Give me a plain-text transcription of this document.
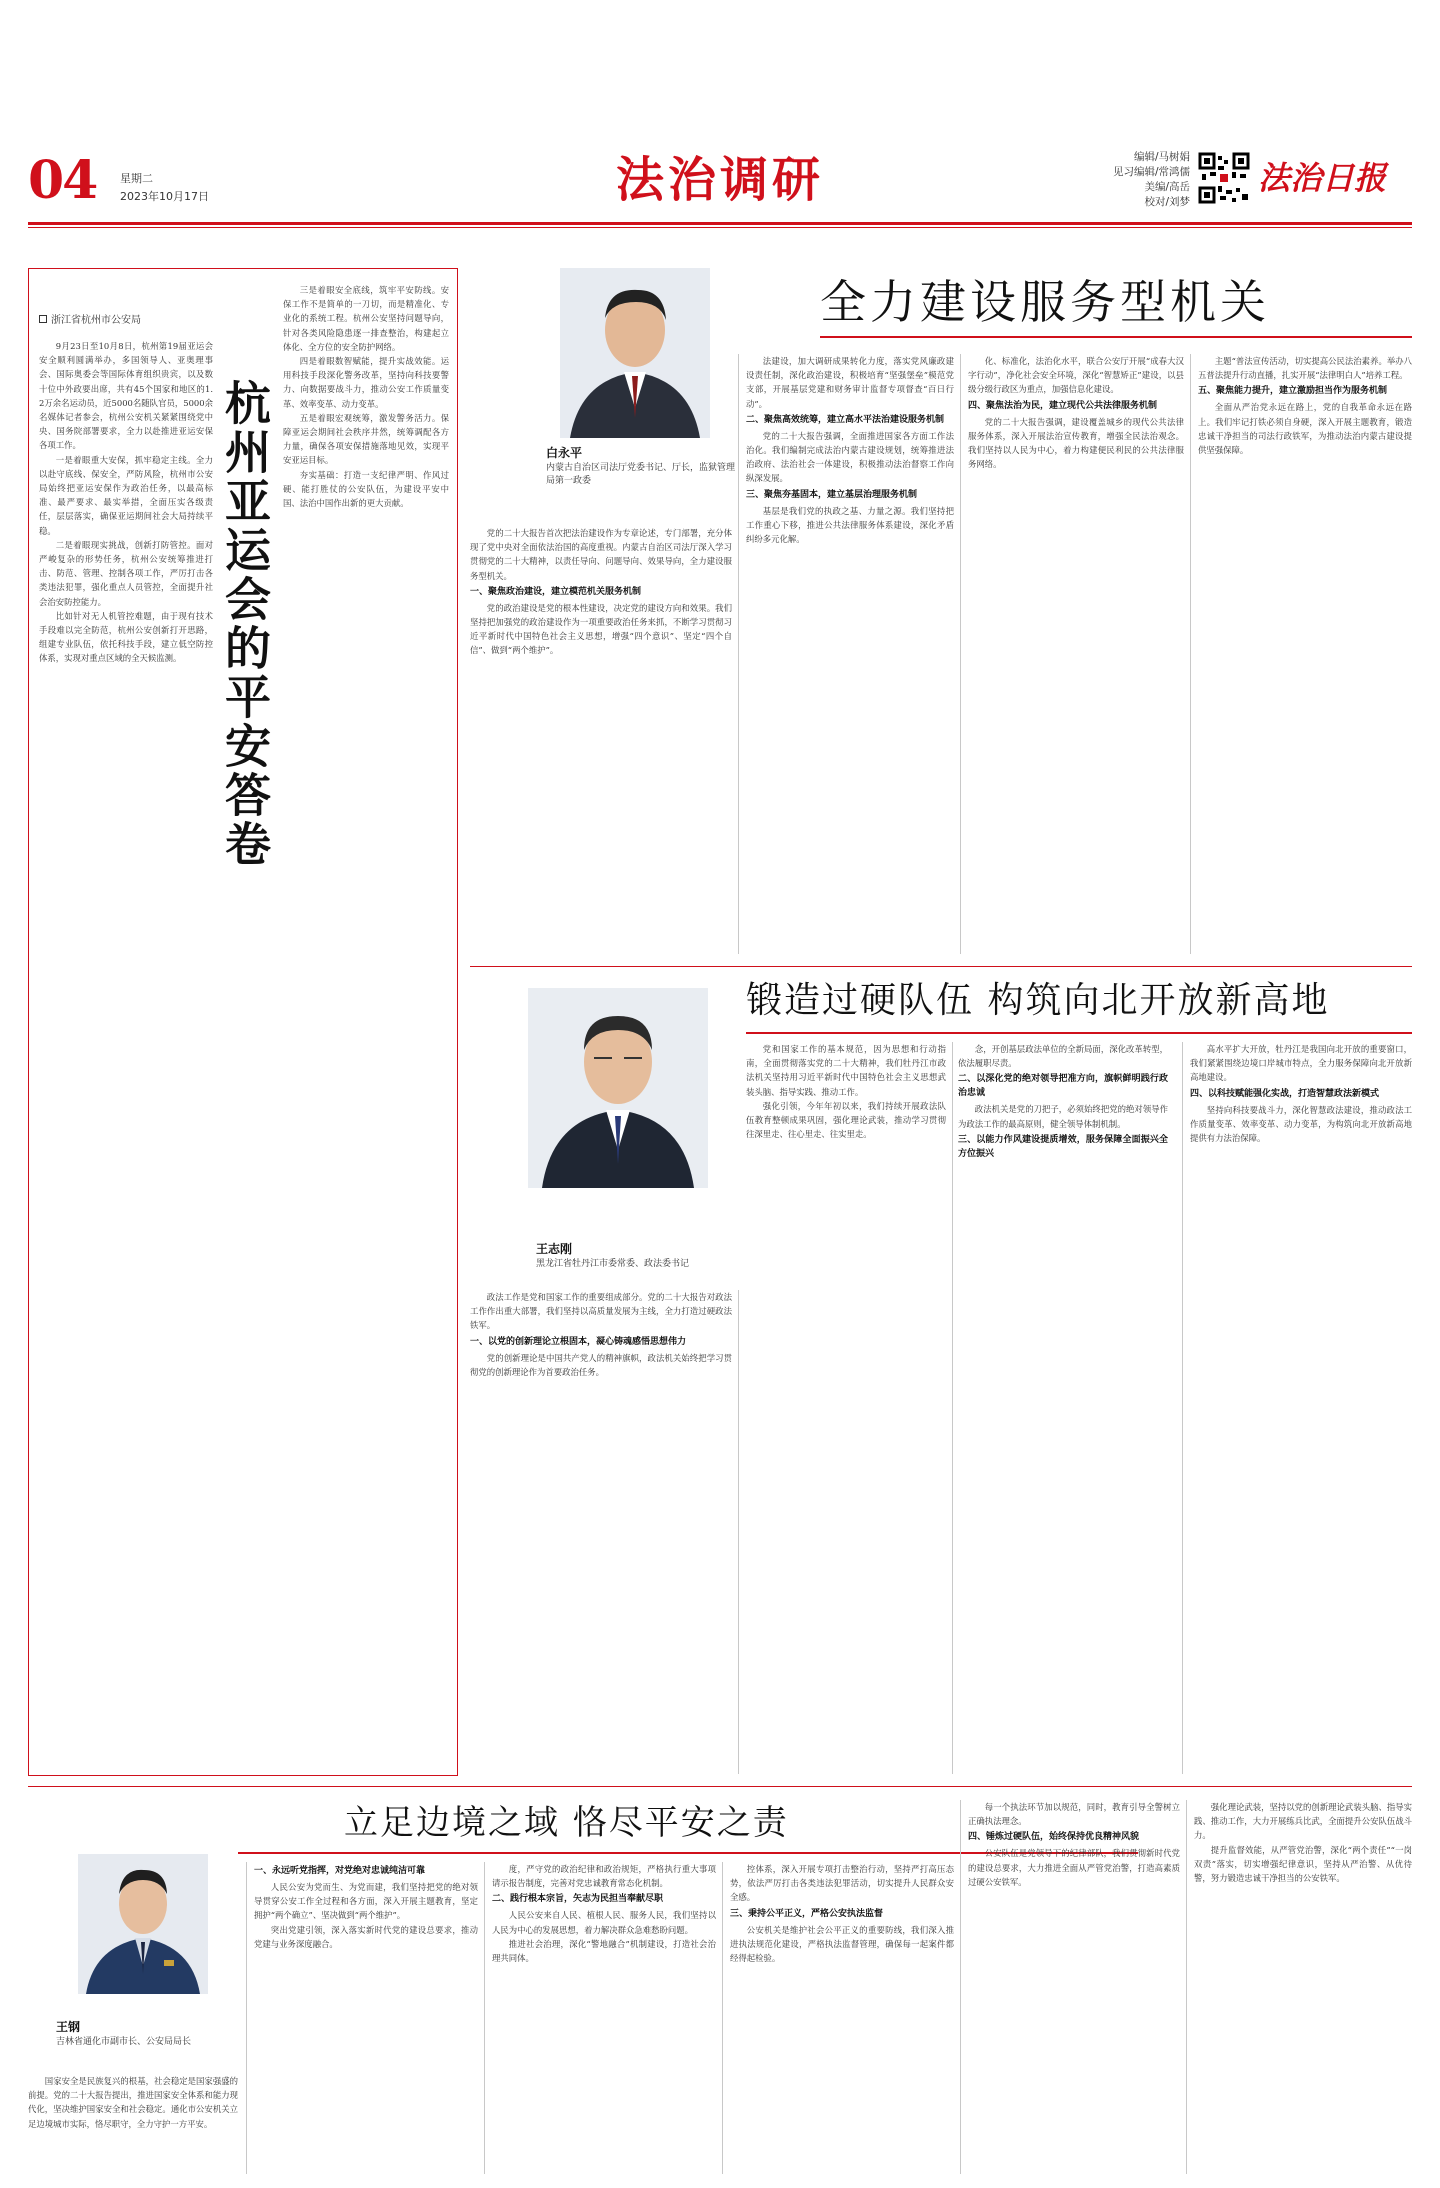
04 星期二
2023年10月17日	法治调研	编辑/马树娟
见习编辑/常鸿儒
美编/高岳
校对/刘梦
法治日报
浙江省杭州市公安局

9月23日至10月8日，杭州第19届亚运会安全顺利圆满举办，多国领导人、亚奥理事会、国际奥委会等国际体育组织贵宾，以及数十位中外政要出席，共有45个国家和地区的1.2万余名运动员，近5000名随队官员，5000余名媒体记者参会，杭州公安机关紧紧围绕党中央、国务院部署要求，全力以赴推进亚运安保各项工作。

一是着眼重大安保，抓牢稳定主线。全力以赴守底线、保安全，严防风险，杭州市公安局始终把亚运安保作为政治任务，以最高标准、最严要求、最实举措，全面压实各级责任，层层落实，确保亚运期间社会大局持续平稳。

二是着眼现实挑战，创新打防管控。面对严峻复杂的形势任务，杭州公安统筹推进打击、防范、管理、控制各项工作，严厉打击各类违法犯罪，强化重点人员管控，全面提升社会治安防控能力。

比如针对无人机管控难题，由于现有技术手段难以完全防范，杭州公安创新打开思路，组建专业队伍，依托科技手段，建立低空防控体系，实现对重点区域的全天候监测。 杭州亚运会的平安答卷

三是着眼安全底线，筑牢平安防线。安保工作不是简单的一刀切，而是精准化、专业化的系统工程。杭州公安坚持问题导向，针对各类风险隐患逐一排查整治，构建起立体化、全方位的安全防护网络。

四是着眼数智赋能，提升实战效能。运用科技手段深化警务改革，坚持向科技要警力、向数据要战斗力，推动公安工作质量变革、效率变革、动力变革。

五是着眼宏观统筹，激发警务活力。保障亚运会期间社会秩序井然，统筹调配各方力量，确保各项安保措施落地见效，实现平安亚运目标。

夯实基础：打造一支纪律严明、作风过硬、能打胜仗的公安队伍，为建设平安中国、法治中国作出新的更大贡献。

全力建设服务型机关
白永平
内蒙古自治区司法厅党委书记、厅长，监狱管理局第一政委

党的二十大报告首次把法治建设作为专章论述，专门部署，充分体现了党中央对全面依法治国的高度重视。内蒙古自治区司法厅深入学习贯彻党的二十大精神，以责任导向、问题导向、效果导向，全力建设服务型机关。

一、聚焦政治建设，建立模范机关服务机制

党的政治建设是党的根本性建设，决定党的建设方向和效果。我们坚持把加强党的政治建设作为一项重要政治任务来抓，不断学习贯彻习近平新时代中国特色社会主义思想，增强“四个意识”、坚定“四个自信”、做到“两个维护”。

法建设，加大调研成果转化力度，落实党风廉政建设责任制，深化政治建设，积极培育“坚强堡垒”模范党支部，开展基层党建和财务审计监督专项督查“百日行动”。

二、聚焦高效统筹，建立高水平法治建设服务机制

党的二十大报告强调，全面推进国家各方面工作法治化。我们编制完成法治内蒙古建设规划，统筹推进法治政府、法治社会一体建设，积极推动法治督察工作向纵深发展。

三、聚焦夯基固本，建立基层治理服务机制

基层是我们党的执政之基、力量之源。我们坚持把工作重心下移，推进公共法律服务体系建设，深化矛盾纠纷多元化解。

化、标准化，法治化水平，联合公安厅开展“成春大汉字行动”，净化社会安全环境，深化“智慧矫正”建设，以县级分级行政区为重点，加强信息化建设。

四、聚焦法治为民，建立现代公共法律服务机制

党的二十大报告强调，建设覆盖城乡的现代公共法律服务体系，深入开展法治宣传教育，增强全民法治观念。我们坚持以人民为中心，着力构建便民利民的公共法律服务网络。

主题“普法宣传活动，切实提高公民法治素养。举办八五普法提升行动直播，扎实开展“法律明白人”培养工程。

五、聚焦能力提升，建立激励担当作为服务机制

全面从严治党永远在路上，党的自我革命永远在路上。我们牢记打铁必须自身硬，深入开展主题教育，锻造忠诚干净担当的司法行政铁军，为推动法治内蒙古建设提供坚强保障。

锻造过硬队伍 构筑向北开放新高地
王志刚
黑龙江省牡丹江市委常委、政法委书记

党和国家工作的基本规范，因为思想和行动指南，全面贯彻落实党的二十大精神，我们牡丹江市政法机关坚持用习近平新时代中国特色社会主义思想武装头脑、指导实践、推动工作。

强化引领，今年年初以来，我们持续开展政法队伍教育整顿成果巩固，强化理论武装，推动学习贯彻往深里走、往心里走、往实里走。

政法工作是党和国家工作的重要组成部分。党的二十大报告对政法工作作出重大部署，我们坚持以高质量发展为主线，全力打造过硬政法铁军。

一、以党的创新理论立根固本，凝心铸魂感悟思想伟力

党的创新理论是中国共产党人的精神旗帜，政法机关始终把学习贯彻党的创新理论作为首要政治任务。

念，开创基层政法单位的全新局面，深化改革转型，依法履职尽责。

二、以深化党的绝对领导把准方向，旗帜鲜明践行政治忠诚

政法机关是党的刀把子，必须始终把党的绝对领导作为政法工作的最高原则，健全领导体制机制。

三、以能力作风建设提质增效，服务保障全面振兴全方位振兴

高水平扩大开放，牡丹江是我国向北开放的重要窗口，我们紧紧围绕边境口岸城市特点，全力服务保障向北开放新高地建设。

四、以科技赋能强化实战，打造智慧政法新模式

坚持向科技要战斗力，深化智慧政法建设，推动政法工作质量变革、效率变革、动力变革，为构筑向北开放新高地提供有力法治保障。

立足边境之域 恪尽平安之责
王钢
吉林省通化市副市长、公安局局长

国家安全是民族复兴的根基，社会稳定是国家强盛的前提。党的二十大报告提出，推进国家安全体系和能力现代化，坚决维护国家安全和社会稳定。通化市公安机关立足边境城市实际，恪尽职守，全力守护一方平安。

一、永远听党指挥，对党绝对忠诚纯洁可靠

人民公安为党而生、为党而建，我们坚持把党的绝对领导贯穿公安工作全过程和各方面，深入开展主题教育，坚定拥护“两个确立”、坚决做到“两个维护”。

突出党建引领，深入落实新时代党的建设总要求，推动党建与业务深度融合。

度，严守党的政治纪律和政治规矩，严格执行重大事项请示报告制度，完善对党忠诚教育常态化机制。

二、践行根本宗旨，矢志为民担当奉献尽职

人民公安来自人民、植根人民、服务人民，我们坚持以人民为中心的发展思想，着力解决群众急难愁盼问题。

推进社会治理，深化“警地融合”机制建设，打造社会治理共同体。

控体系，深入开展专项打击整治行动，坚持严打高压态势，依法严厉打击各类违法犯罪活动，切实提升人民群众安全感。

三、秉持公平正义，严格公安执法监督

公安机关是维护社会公平正义的重要防线，我们深入推进执法规范化建设，严格执法监督管理，确保每一起案件都经得起检验。

每一个执法环节加以规范，同时，教育引导全警树立正确执法理念。

四、锤炼过硬队伍，始终保持优良精神风貌

公安队伍是党领导下的纪律部队，我们贯彻新时代党的建设总要求，大力推进全面从严管党治警，打造高素质过硬公安铁军。

强化理论武装，坚持以党的创新理论武装头脑、指导实践、推动工作，大力开展练兵比武，全面提升公安队伍战斗力。

提升监督效能，从严管党治警，深化“两个责任”“一岗双责”落实，切实增强纪律意识，坚持从严治警、从优待警，努力锻造忠诚干净担当的公安铁军。
